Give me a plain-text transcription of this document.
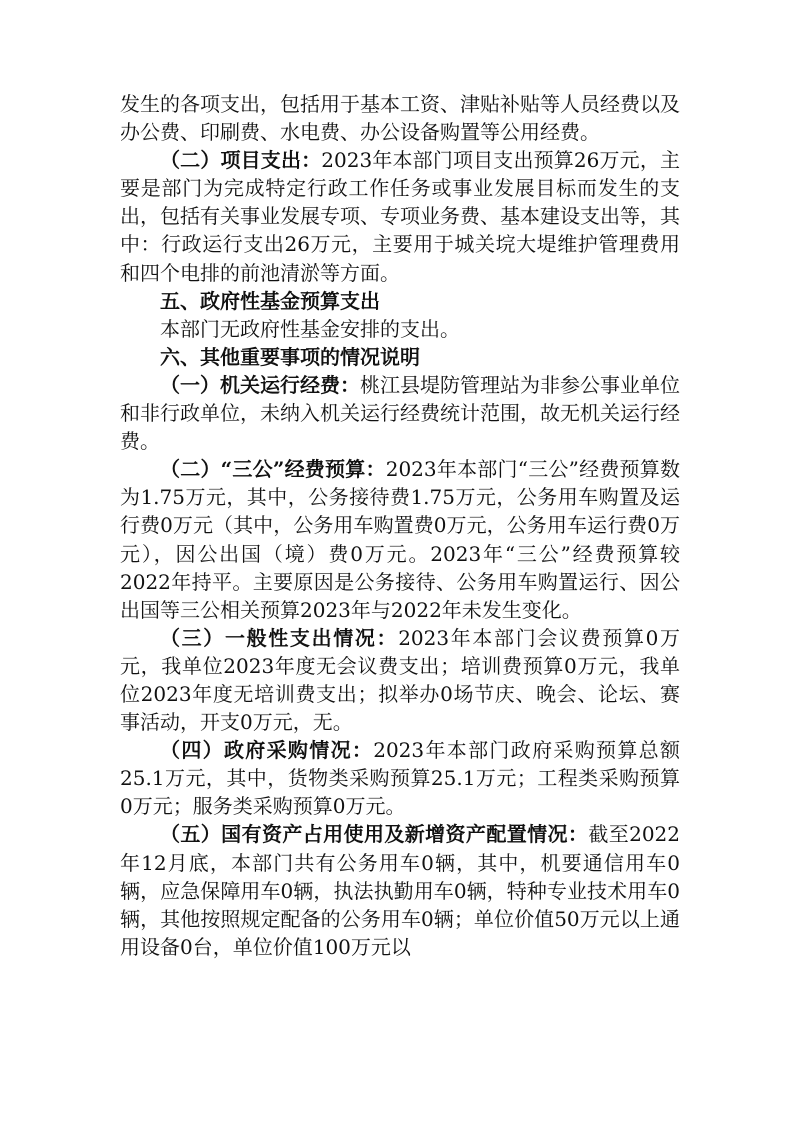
发生的各项支出，包括用于基本工资、津贴补贴等人员经费以及办公费、印刷费、水电费、办公设备购置等公用经费。

（二）项目支出：2023年本部门项目支出预算26万元，主要是部门为完成特定行政工作任务或事业发展目标而发生的支出，包括有关事业发展专项、专项业务费、基本建设支出等，其中：行政运行支出26万元，主要用于城关垸大堤维护管理费用和四个电排的前池清淤等方面。

五、政府性基金预算支出

本部门无政府性基金安排的支出。

六、其他重要事项的情况说明

（一）机关运行经费：桃江县堤防管理站为非参公事业单位和非行政单位，未纳入机关运行经费统计范围，故无机关运行经费。

（二）“三公”经费预算：2023年本部门“三公”经费预算数为1.75万元，其中，公务接待费1.75万元，公务用车购置及运行费0万元（其中，公务用车购置费0万元，公务用车运行费0万元），因公出国（境）费0万元。2023年“三公”经费预算较2022年持平。主要原因是公务接待、公务用车购置运行、因公出国等三公相关预算2023年与2022年未发生变化。

（三）一般性支出情况：2023年本部门会议费预算0万元，我单位2023年度无会议费支出；培训费预算0万元，我单位2023年度无培训费支出；拟举办0场节庆、晚会、论坛、赛事活动，开支0万元，无。

（四）政府采购情况：2023年本部门政府采购预算总额25.1万元，其中，货物类采购预算25.1万元；工程类采购预算0万元；服务类采购预算0万元。

（五）国有资产占用使用及新增资产配置情况：截至2022年12月底，本部门共有公务用车0辆，其中，机要通信用车0辆，应急保障用车0辆，执法执勤用车0辆，特种专业技术用车0辆，其他按照规定配备的公务用车0辆；单位价值50万元以上通用设备0台，单位价值100万元以
